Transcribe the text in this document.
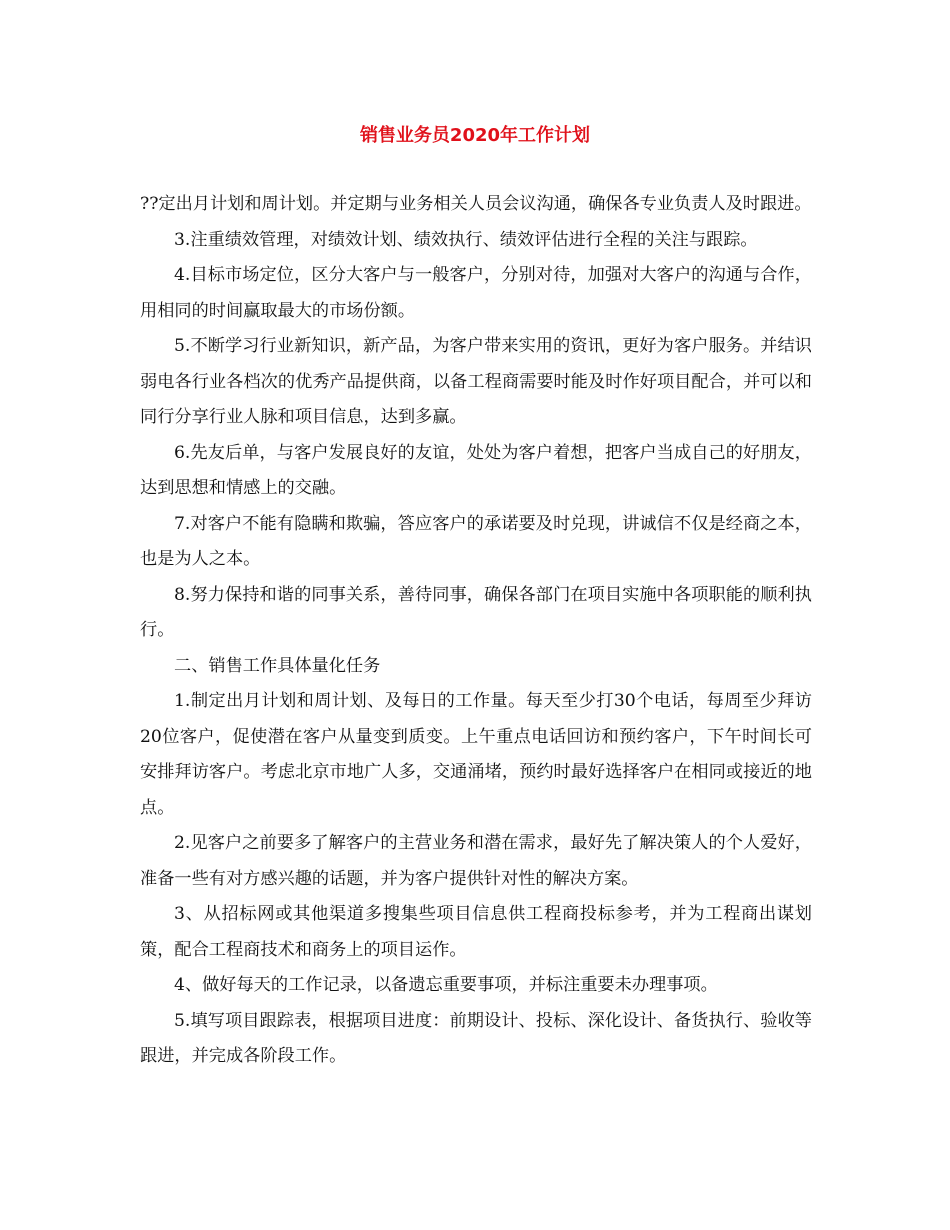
销售业务员2020年工作计划

??定出月计划和周计划。并定期与业务相关人员会议沟通，确保各专业负责人及时跟进。

3.注重绩效管理，对绩效计划、绩效执行、绩效评估进行全程的关注与跟踪。

4.目标市场定位，区分大客户与一般客户，分别对待，加强对大客户的沟通与合作，用相同的时间赢取最大的市场份额。

5.不断学习行业新知识，新产品，为客户带来实用的资讯，更好为客户服务。并结识弱电各行业各档次的优秀产品提供商，以备工程商需要时能及时作好项目配合，并可以和同行分享行业人脉和项目信息，达到多赢。

6.先友后单，与客户发展良好的友谊，处处为客户着想，把客户当成自己的好朋友，达到思想和情感上的交融。

7.对客户不能有隐瞒和欺骗，答应客户的承诺要及时兑现，讲诚信不仅是经商之本，也是为人之本。

8.努力保持和谐的同事关系，善待同事，确保各部门在项目实施中各项职能的顺利执行。

二、销售工作具体量化任务

1.制定出月计划和周计划、及每日的工作量。每天至少打30个电话，每周至少拜访20位客户，促使潜在客户从量变到质变。上午重点电话回访和预约客户，下午时间长可安排拜访客户。考虑北京市地广人多，交通涌堵，预约时最好选择客户在相同或接近的地点。

2.见客户之前要多了解客户的主营业务和潜在需求，最好先了解决策人的个人爱好，准备一些有对方感兴趣的话题，并为客户提供针对性的解决方案。

3、从招标网或其他渠道多搜集些项目信息供工程商投标参考，并为工程商出谋划策，配合工程商技术和商务上的项目运作。

4、做好每天的工作记录，以备遗忘重要事项，并标注重要未办理事项。

5.填写项目跟踪表，根据项目进度：前期设计、投标、深化设计、备货执行、验收等跟进，并完成各阶段工作。
